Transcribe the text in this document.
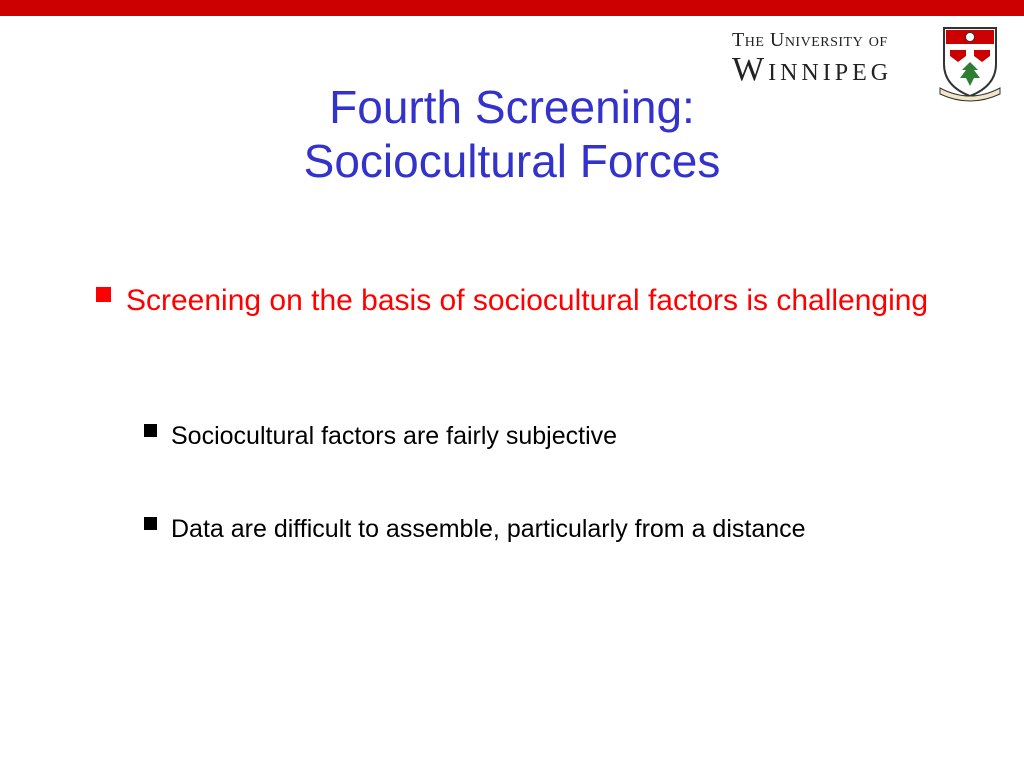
The University of
Winnipeg
Fourth Screening:
Sociocultural Forces
Screening on the basis of sociocultural factors is challenging
Sociocultural factors are fairly subjective
Data are difficult to assemble, particularly from a distance
